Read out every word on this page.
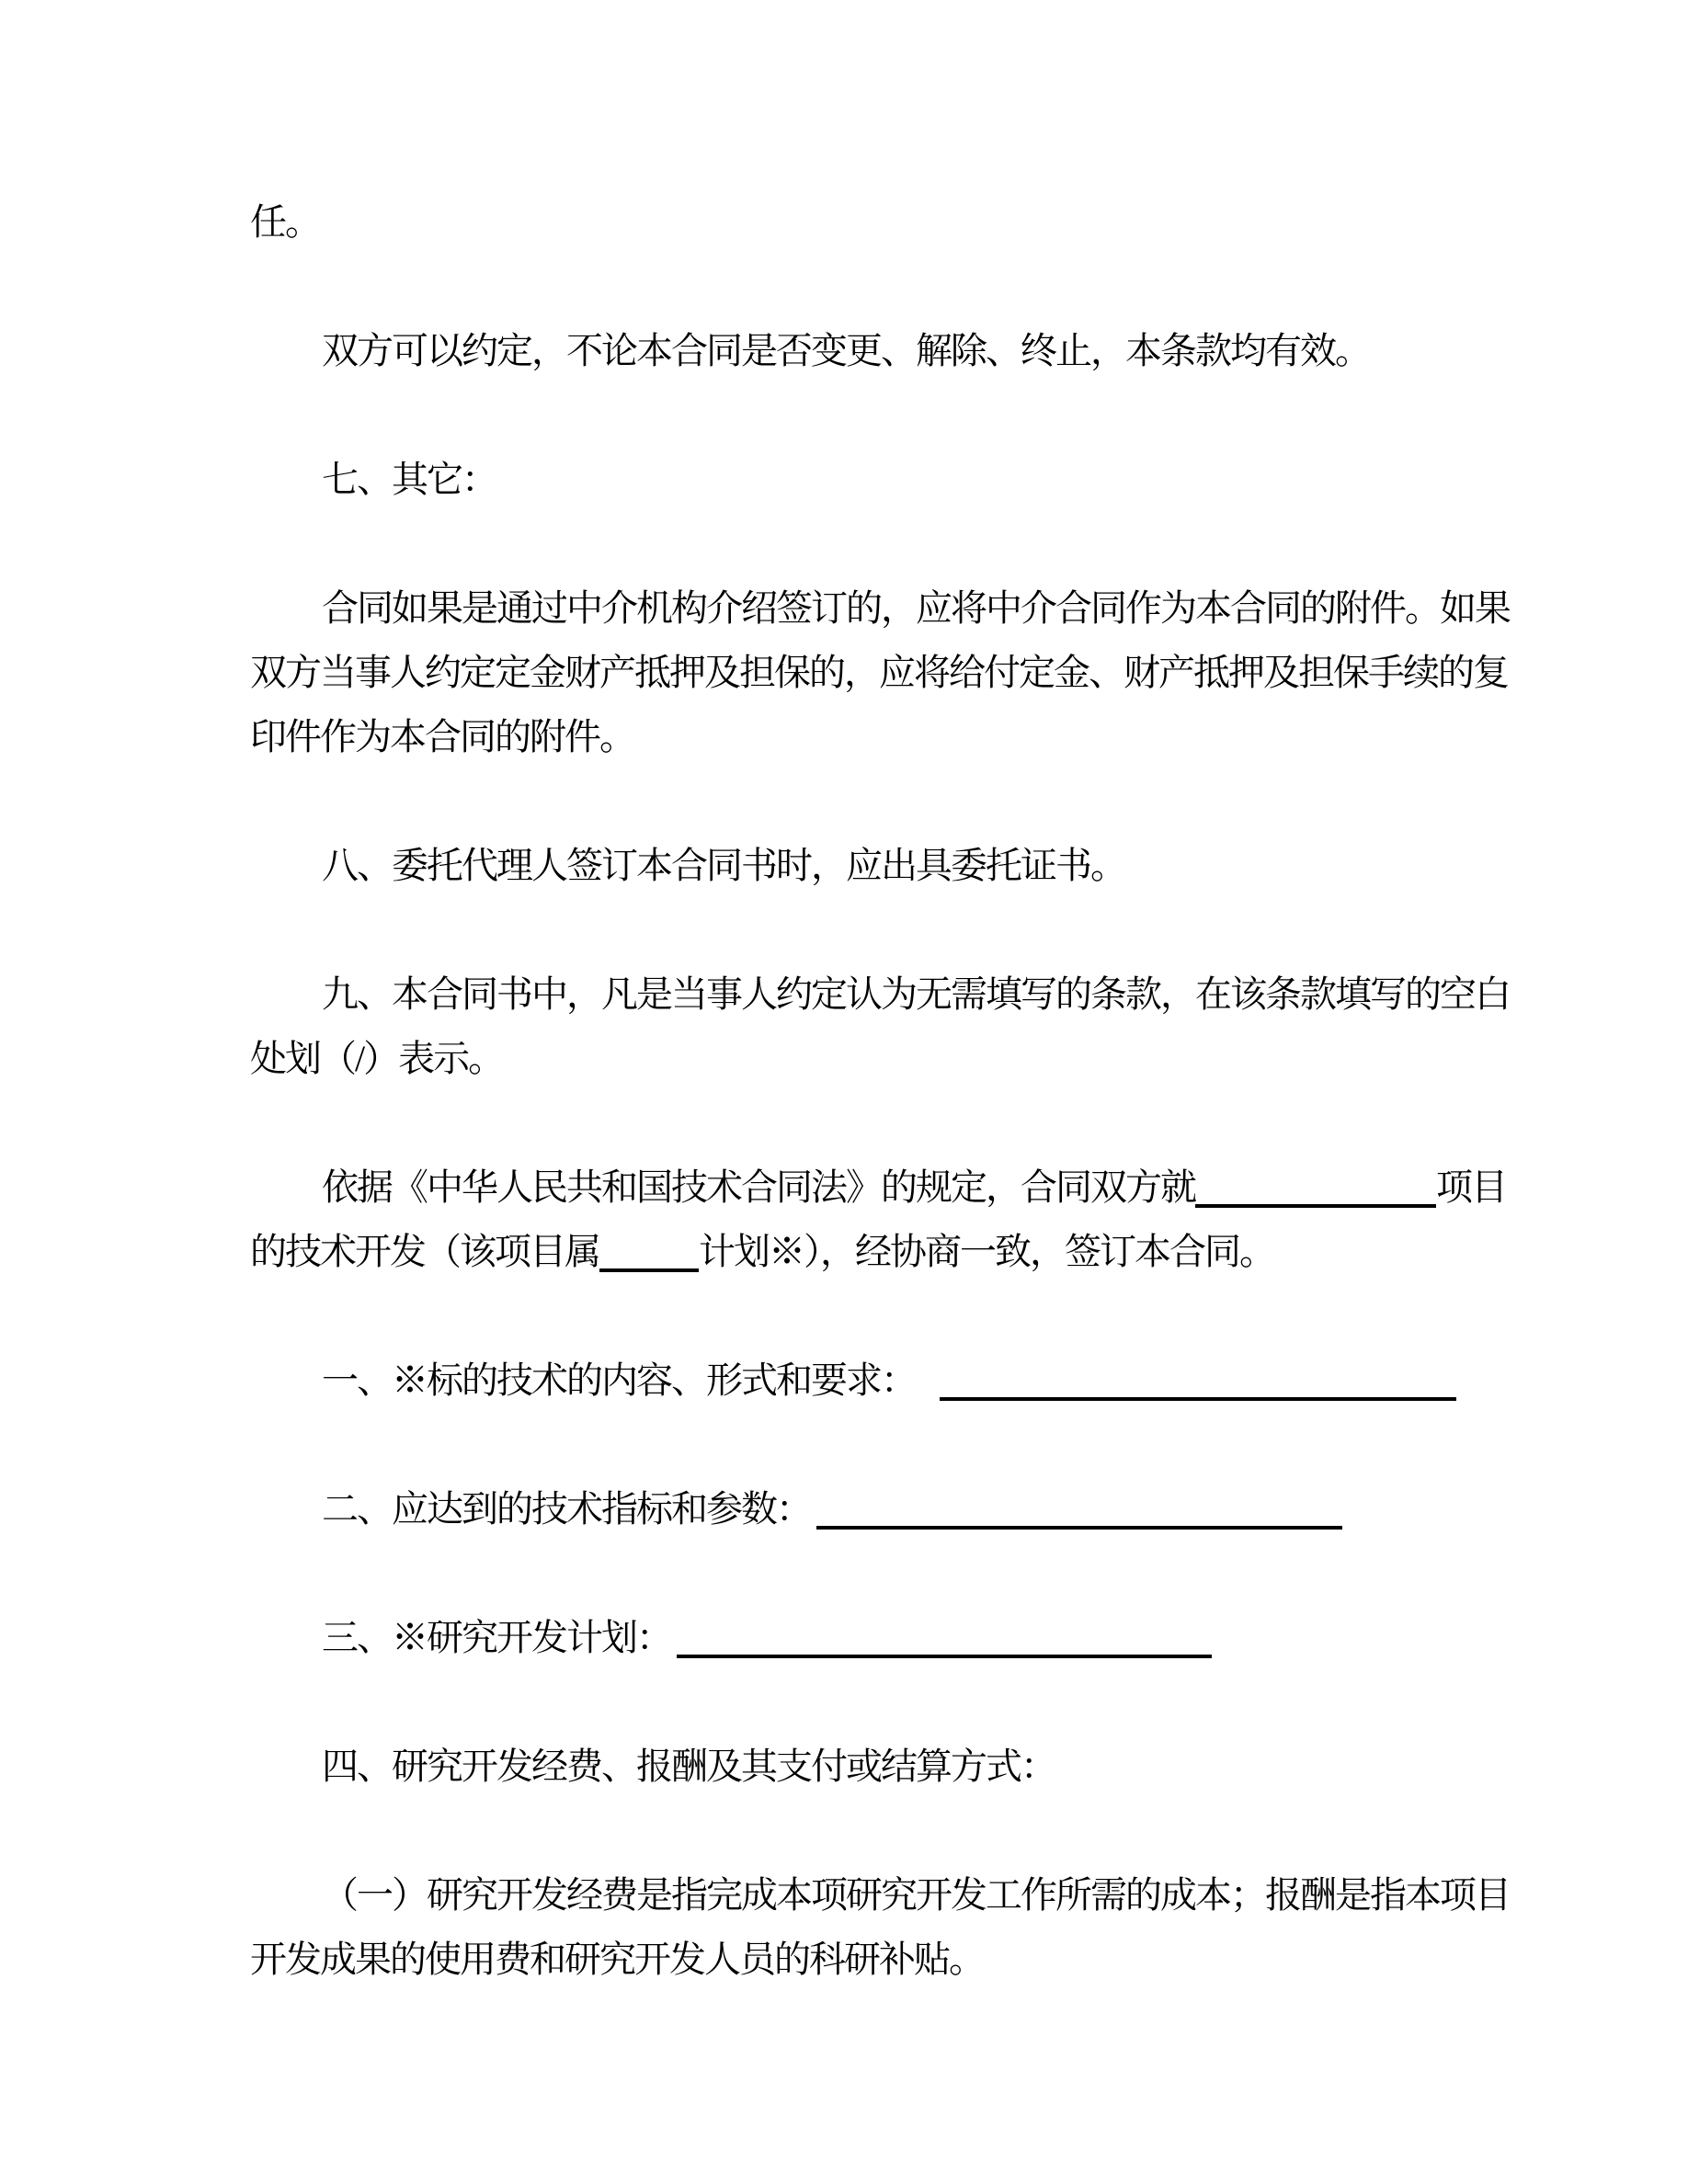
任。
双方可以约定，不论本合同是否变更、解除、终止，本条款均有效。
七、其它：
合同如果是通过中介机构介绍签订的，应将中介合同作为本合同的附件。如果
双方当事人约定定金财产抵押及担保的，应将给付定金、财产抵押及担保手续的复
印件作为本合同的附件。
八、委托代理人签订本合同书时，应出具委托证书。
九、本合同书中，凡是当事人约定认为无需填写的条款，在该条款填写的空白
处划（/）表示。
依据《中华人民共和国技术合同法》的规定，合同双方就	项目
的技术开发（该项目属	计划※），经协商一致，签订本合同。
一、※标的技术的内容、形式和要求：
二、应达到的技术指标和参数：
三、※研究开发计划：
四、研究开发经费、报酬及其支付或结算方式：
（一）研究开发经费是指完成本项研究开发工作所需的成本；报酬是指本项目
开发成果的使用费和研究开发人员的科研补贴。
